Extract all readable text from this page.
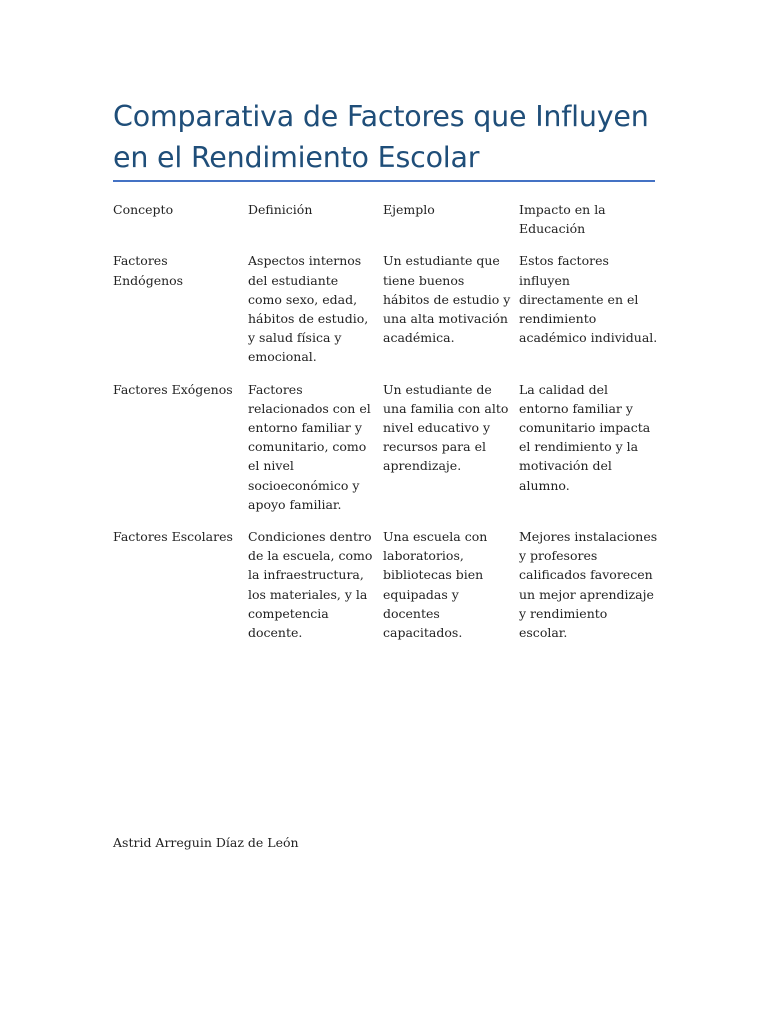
Comparativa de Factores que Influyen en el Rendimiento Escolar
Concepto	Definición	Ejemplo	Impacto en la Educación
Factores Endógenos	Aspectos internos del estudiante como sexo, edad, hábitos de estudio, y salud física y emocional.	Un estudiante que tiene buenos hábitos de estudio y una alta motivación académica.	Estos factores influyen directamente en el rendimiento académico individual.
Factores Exógenos	Factores relacionados con el entorno familiar y comunitario, como el nivel socioeconómico y apoyo familiar.	Un estudiante de una familia con alto nivel educativo y recursos para el aprendizaje.	La calidad del entorno familiar y comunitario impacta el rendimiento y la motivación del alumno.
Factores Escolares	Condiciones dentro de la escuela, como la infraestructura, los materiales, y la competencia docente.	Una escuela con laboratorios, bibliotecas bien equipadas y docentes capacitados.	Mejores instalaciones y profesores calificados favorecen un mejor aprendizaje y rendimiento escolar.

Astrid Arreguin Díaz de León
